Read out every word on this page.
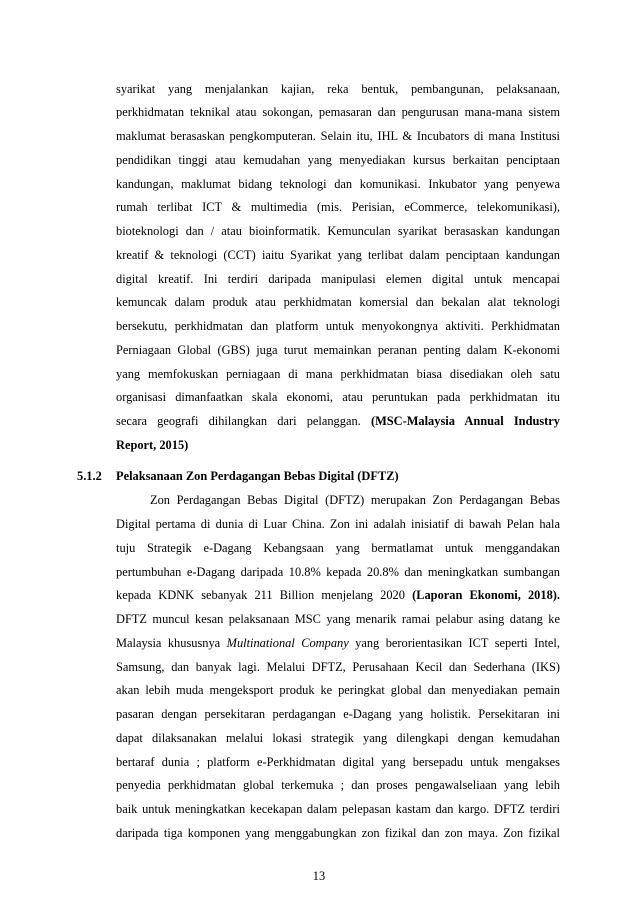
syarikat yang menjalankan kajian, reka bentuk, pembangunan, pelaksanaan,
perkhidmatan teknikal atau sokongan, pemasaran dan pengurusan mana-mana sistem
maklumat berasaskan pengkomputeran. Selain itu, IHL & Incubators di mana Institusi
pendidikan tinggi atau kemudahan yang menyediakan kursus berkaitan penciptaan
kandungan, maklumat bidang teknologi dan komunikasi. Inkubator yang penyewa
rumah terlibat ICT & multimedia (mis. Perisian, eCommerce, telekomunikasi),
bioteknologi dan / atau bioinformatik. Kemunculan syarikat berasaskan kandungan
kreatif & teknologi (CCT) iaitu Syarikat yang terlibat dalam penciptaan kandungan
digital kreatif. Ini terdiri daripada manipulasi elemen digital untuk mencapai
kemuncak dalam produk atau perkhidmatan komersial dan bekalan alat teknologi
bersekutu, perkhidmatan dan platform untuk menyokongnya aktiviti. Perkhidmatan
Perniagaan Global (GBS) juga turut memainkan peranan penting dalam K-ekonomi
yang memfokuskan perniagaan di mana perkhidmatan biasa disediakan oleh satu
organisasi dimanfaatkan skala ekonomi, atau peruntukan pada perkhidmatan itu
secara geografi dihilangkan dari pelanggan. (MSC-Malaysia Annual Industry
Report, 2015)
5.1.2 Pelaksanaan Zon Perdagangan Bebas Digital (DFTZ)
Zon Perdagangan Bebas Digital (DFTZ) merupakan Zon Perdagangan Bebas
Digital pertama di dunia di Luar China. Zon ini adalah inisiatif di bawah Pelan hala
tuju Strategik e-Dagang Kebangsaan yang bermatlamat untuk menggandakan
pertumbuhan e-Dagang daripada 10.8% kepada 20.8% dan meningkatkan sumbangan
kepada KDNK sebanyak 211 Billion menjelang 2020 (Laporan Ekonomi, 2018).
DFTZ muncul kesan pelaksanaan MSC yang menarik ramai pelabur asing datang ke
Malaysia khususnya Multinational Company yang berorientasikan ICT seperti Intel,
Samsung, dan banyak lagi. Melalui DFTZ, Perusahaan Kecil dan Sederhana (IKS)
akan lebih muda mengeksport produk ke peringkat global dan menyediakan pemain
pasaran dengan persekitaran perdagangan e-Dagang yang holistik. Persekitaran ini
dapat dilaksanakan melalui lokasi strategik yang dilengkapi dengan kemudahan
bertaraf dunia ; platform e-Perkhidmatan digital yang bersepadu untuk mengakses
penyedia perkhidmatan global terkemuka ; dan proses pengawalseliaan yang lebih
baik untuk meningkatkan kecekapan dalam pelepasan kastam dan kargo. DFTZ terdiri
daripada tiga komponen yang menggabungkan zon fizikal dan zon maya. Zon fizikal
13
